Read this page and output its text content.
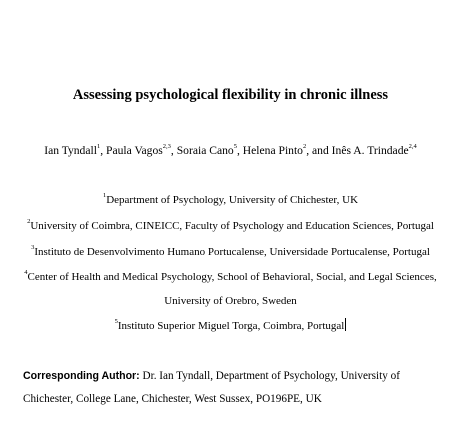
Assessing psychological flexibility in chronic illness
Ian Tyndall$^1$, Paula Vagos$^{2,3}$, Soraia Cano$^5$, Helena Pinto$^2$, and Inês A. Trindade$^{2,4}$
$^1$Department of Psychology, University of Chichester, UK
$^2$University of Coimbra, CINEICC, Faculty of Psychology and Education Sciences, Portugal
$^3$Instituto de Desenvolvimento Humano Portucalense, Universidade Portucalense, Portugal
$^4$Center of Health and Medical Psychology, School of Behavioral, Social, and Legal Sciences,
University of Orebro, Sweden
$^5$Instituto Superior Miguel Torga, Coimbra, Portugal
Corresponding Author: Dr. Ian Tyndall, Department of Psychology, University of
Chichester, College Lane, Chichester, West Sussex, PO196PE, UK
